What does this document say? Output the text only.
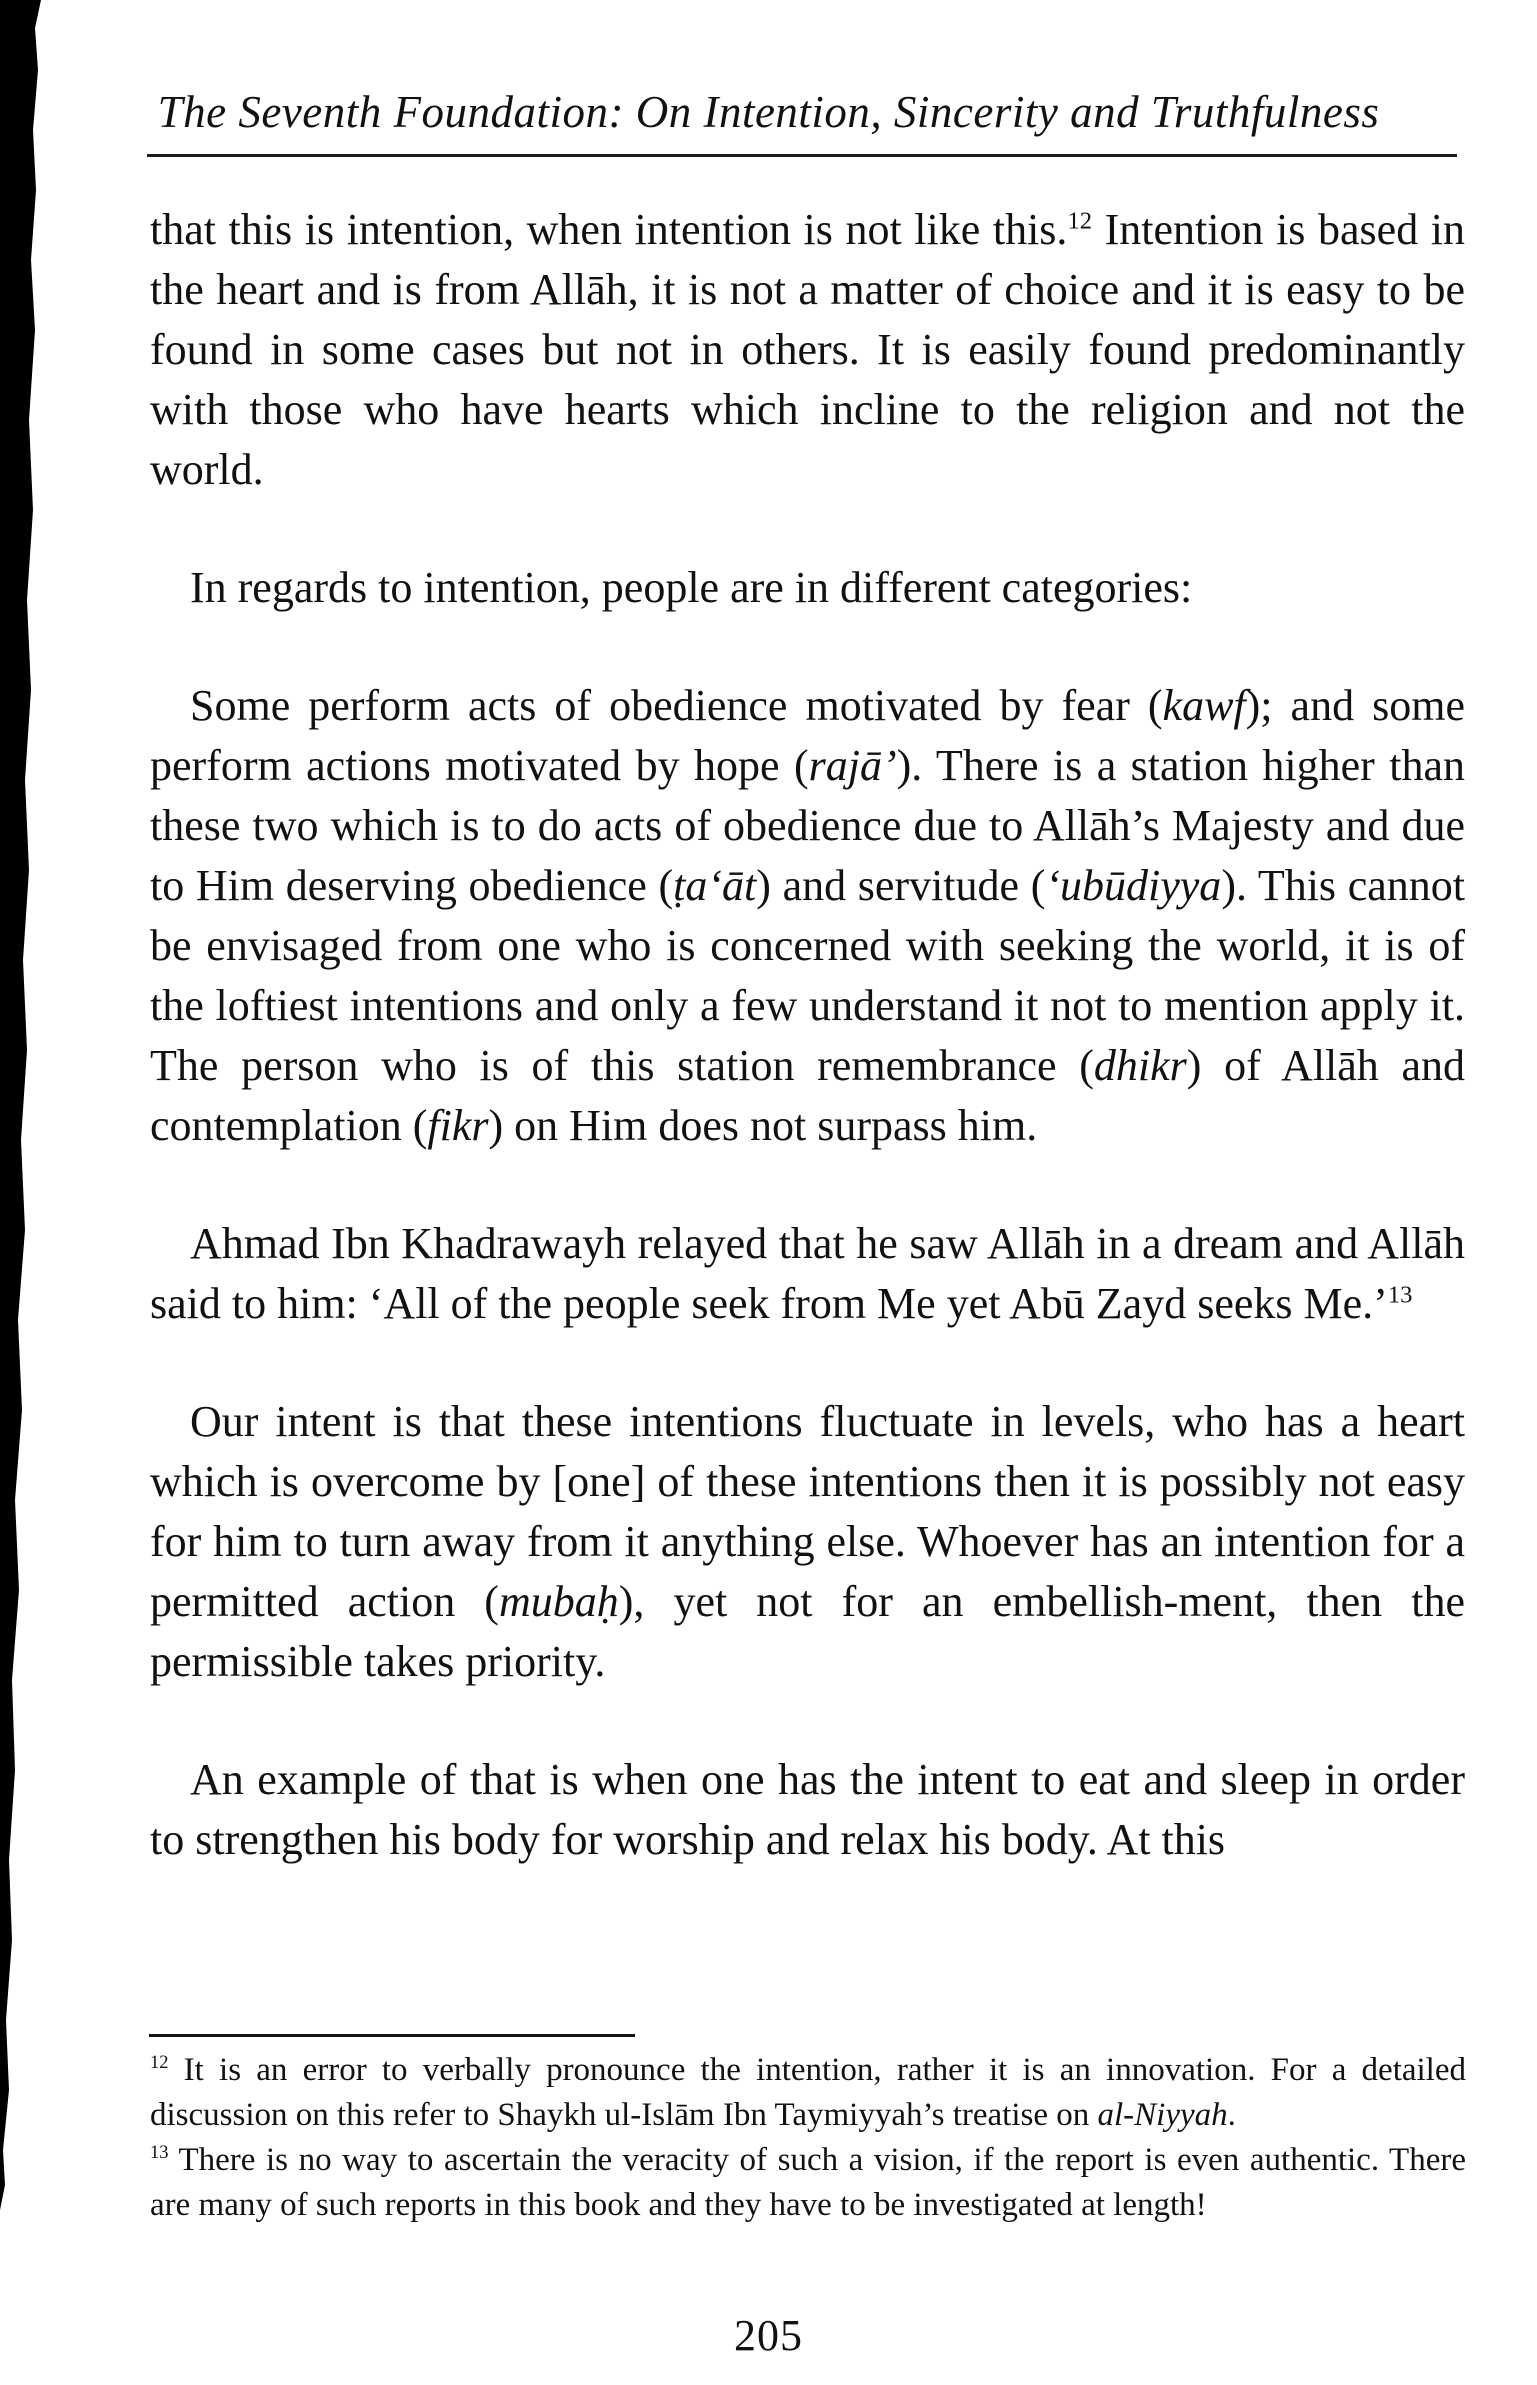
The Seventh Foundation: On Intention, Sincerity and Truthfulness

that this is intention, when intention is not like this.$^{12}$ Intention is based in the heart and is from Allāh, it is not a matter of choice and it is easy to be found in some cases but not in others. It is easily found predominantly with those who have hearts which incline to the religion and not the world.

In regards to intention, people are in different categories:

Some perform acts of obedience motivated by fear (kawf); and some perform actions motivated by hope (rajā’). There is a station higher than these two which is to do acts of obedience due to Allāh’s Majesty and due to Him deserving obedience (ṭa‘āt) and servitude (‘ubūdiyya). This cannot be envisaged from one who is concerned with seeking the world, it is of the loftiest intentions and only a few understand it not to mention apply it. The person who is of this station remembrance (dhikr) of Allāh and contemplation (fikr) on Him does not surpass him.

Ahmad Ibn Khadrawayh relayed that he saw Allāh in a dream and Allāh said to him: ‘All of the people seek from Me yet Abū Zayd seeks Me.’$^{13}$

Our intent is that these intentions fluctuate in levels, who has a heart which is overcome by [one] of these intentions then it is possibly not easy for him to turn away from it anything else. Whoever has an intention for a permitted action (mubaḥ), yet not for an embellish-ment, then the permissible takes priority.

An example of that is when one has the intent to eat and sleep in order to strengthen his body for worship and relax his body. At this

$^{12}$ It is an error to verbally pronounce the intention, rather it is an innovation. For a detailed discussion on this refer to Shaykh ul-Islām Ibn Taymiyyah’s treatise on al-Niyyah.

$^{13}$ There is no way to ascertain the veracity of such a vision, if the report is even authentic. There are many of such reports in this book and they have to be investigated at length!

205
